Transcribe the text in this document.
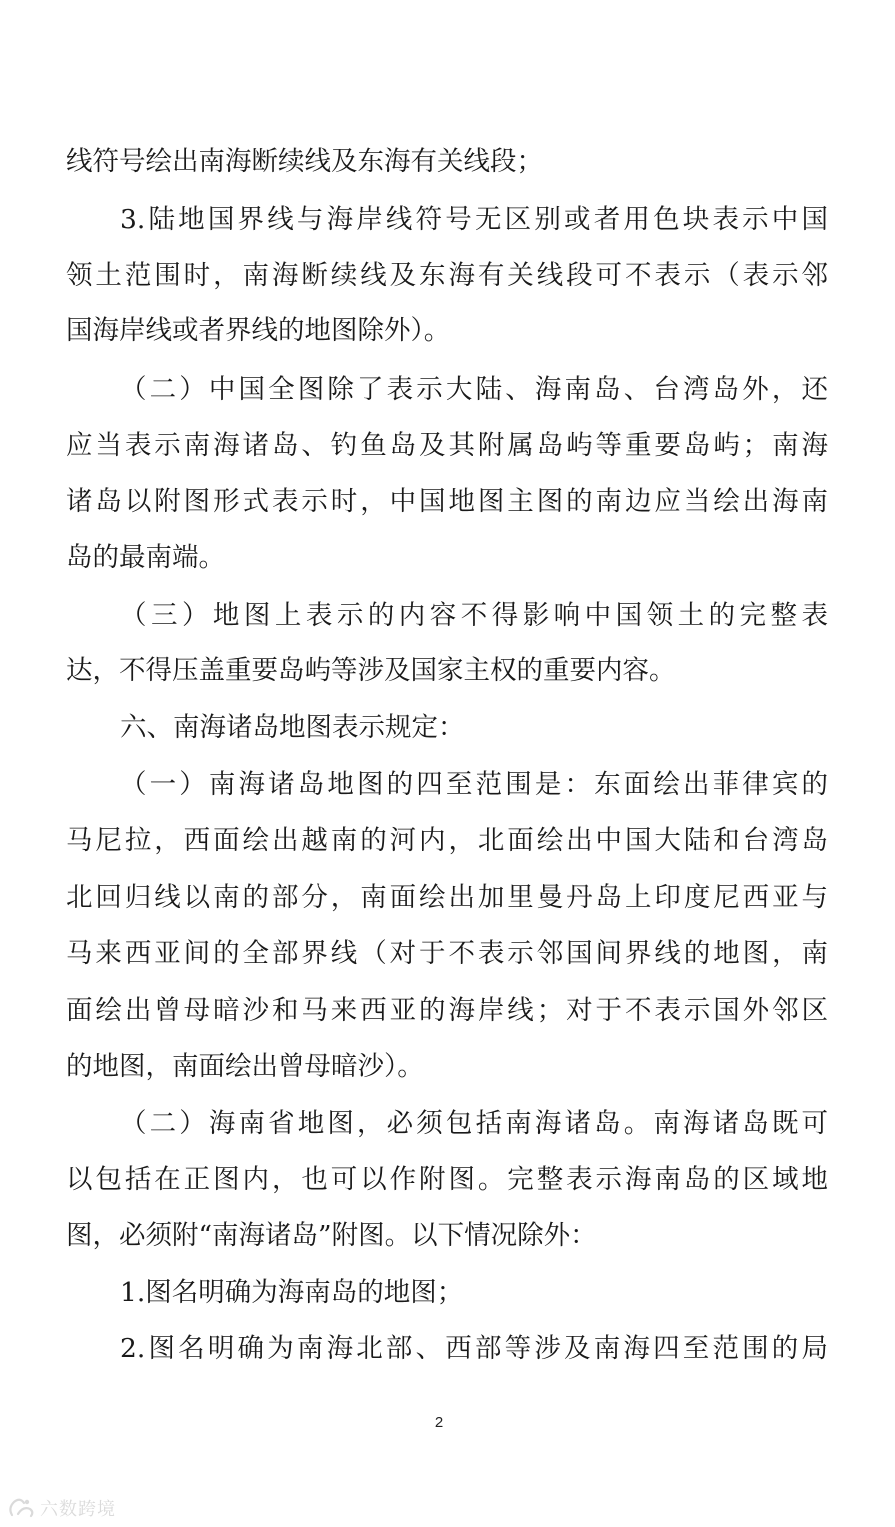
线符号绘出南海断续线及东海有关线段；
3.陆地国界线与海岸线符号无区别或者用色块表示中国
领土范围时，南海断续线及东海有关线段可不表示（表示邻
国海岸线或者界线的地图除外）。
（二）中国全图除了表示大陆、海南岛、台湾岛外，还
应当表示南海诸岛、钓鱼岛及其附属岛屿等重要岛屿；南海
诸岛以附图形式表示时，中国地图主图的南边应当绘出海南
岛的最南端。
（三）地图上表示的内容不得影响中国领土的完整表
达，不得压盖重要岛屿等涉及国家主权的重要内容。
六、南海诸岛地图表示规定：
（一）南海诸岛地图的四至范围是：东面绘出菲律宾的
马尼拉，西面绘出越南的河内，北面绘出中国大陆和台湾岛
北回归线以南的部分，南面绘出加里曼丹岛上印度尼西亚与
马来西亚间的全部界线（对于不表示邻国间界线的地图，南
面绘出曾母暗沙和马来西亚的海岸线；对于不表示国外邻区
的地图，南面绘出曾母暗沙）。
（二）海南省地图，必须包括南海诸岛。南海诸岛既可
以包括在正图内，也可以作附图。完整表示海南岛的区域地
图，必须附“南海诸岛”附图。以下情况除外：
1.图名明确为海南岛的地图；
2.图名明确为南海北部、西部等涉及南海四至范围的局
2
六数跨境
